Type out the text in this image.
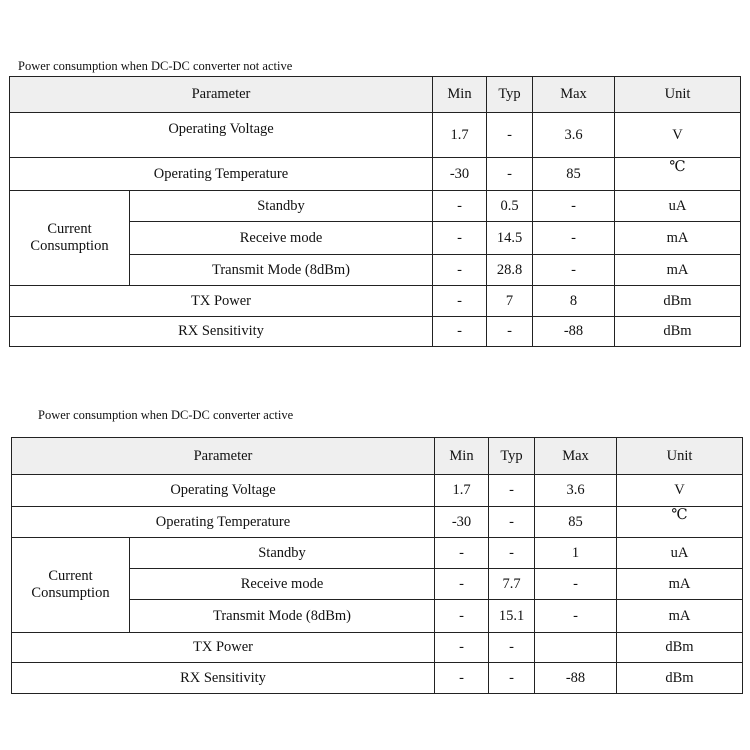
Power consumption when DC-DC converter not active
Parameter		Min	Typ	Max	Unit
Operating Voltage		1.7	-	3.6	V
Operating Temperature		-30	-	85	℃
Current Consumption	Standby	-	0.5	-	uA
	Receive mode	-	14.5	-	mA
	Transmit Mode (8dBm)	-	28.8	-	mA
TX Power		-	7	8	dBm
RX Sensitivity		-	-	-88	dBm
Power consumption when DC-DC converter active
Parameter		Min	Typ	Max	Unit
Operating Voltage		1.7	-	3.6	V
Operating Temperature		-30	-	85	℃
Current Consumption	Standby	-	-	1	uA
	Receive mode	-	7.7	-	mA
	Transmit Mode (8dBm)	-	15.1	-	mA
TX Power		-	-		dBm
RX Sensitivity		-	-	-88	dBm
